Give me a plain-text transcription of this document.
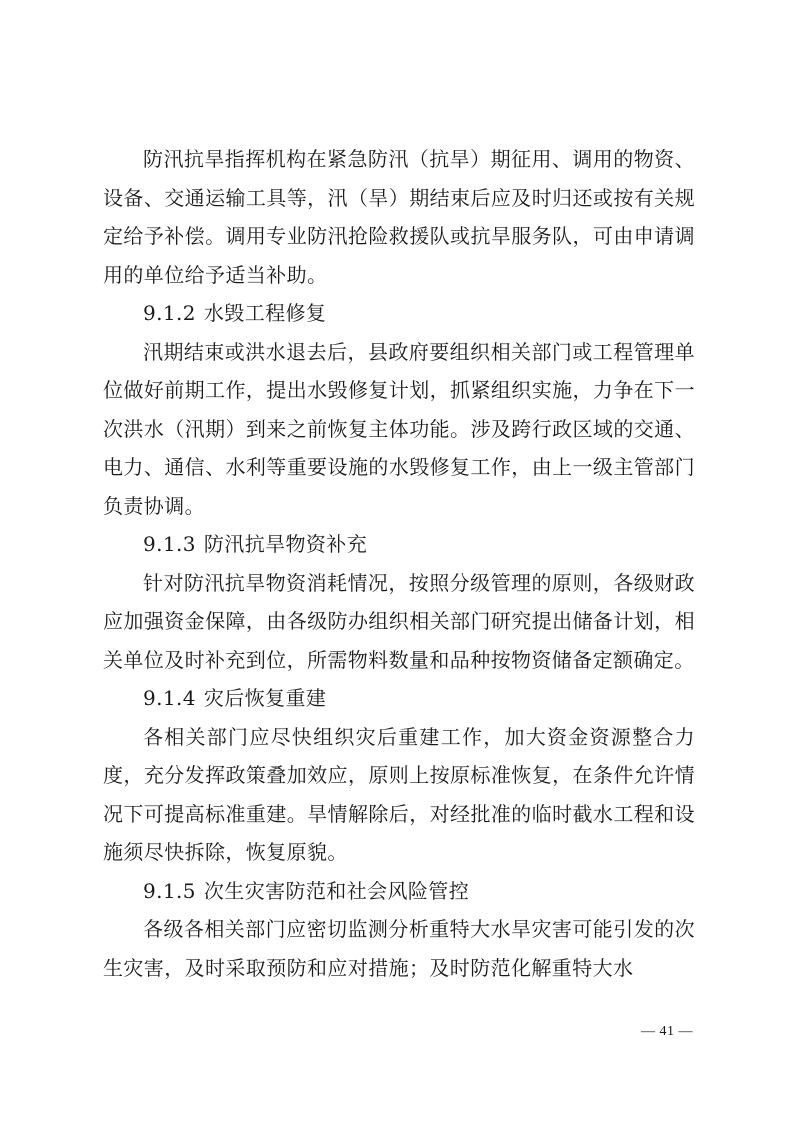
防汛抗旱指挥机构在紧急防汛（抗旱）期征用、调用的物资、设备、交通运输工具等，汛（旱）期结束后应及时归还或按有关规定给予补偿。调用专业防汛抢险救援队或抗旱服务队，可由申请调用的单位给予适当补助。

9.1.2 水毁工程修复

汛期结束或洪水退去后，县政府要组织相关部门或工程管理单位做好前期工作，提出水毁修复计划，抓紧组织实施，力争在下一次洪水（汛期）到来之前恢复主体功能。涉及跨行政区域的交通、电力、通信、水利等重要设施的水毁修复工作，由上一级主管部门负责协调。

9.1.3 防汛抗旱物资补充

针对防汛抗旱物资消耗情况，按照分级管理的原则，各级财政应加强资金保障，由各级防办组织相关部门研究提出储备计划，相关单位及时补充到位，所需物料数量和品种按物资储备定额确定。

9.1.4 灾后恢复重建

各相关部门应尽快组织灾后重建工作，加大资金资源整合力度，充分发挥政策叠加效应，原则上按原标准恢复，在条件允许情况下可提高标准重建。旱情解除后，对经批准的临时截水工程和设施须尽快拆除，恢复原貌。

9.1.5 次生灾害防范和社会风险管控

各级各相关部门应密切监测分析重特大水旱灾害可能引发的次生灾害，及时采取预防和应对措施；及时防范化解重特大水

— 41 —
